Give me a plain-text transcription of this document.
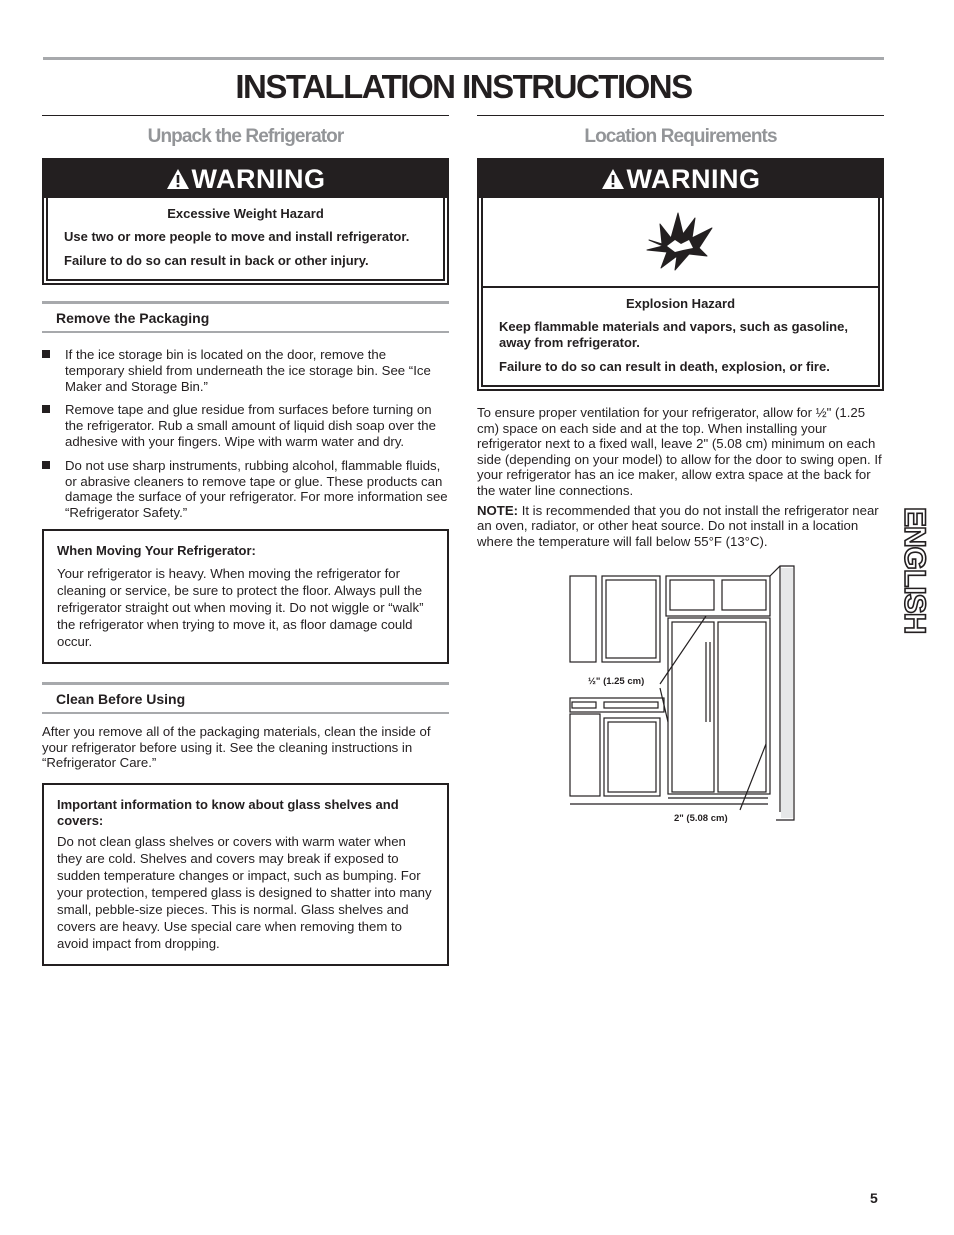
INSTALLATION INSTRUCTIONS
Unpack the Refrigerator
WARNING
Excessive Weight Hazard

Use two or more people to move and install refrigerator.

Failure to do so can result in back or other injury.

Remove the Packaging
If the ice storage bin is located on the door, remove the temporary shield from underneath the ice storage bin. See “Ice Maker and Storage Bin.”
Remove tape and glue residue from surfaces before turning on the refrigerator. Rub a small amount of liquid dish soap over the adhesive with your fingers. Wipe with warm water and dry.
Do not use sharp instruments, rubbing alcohol, flammable fluids, or abrasive cleaners to remove tape or glue. These products can damage the surface of your refrigerator. For more information see “Refrigerator Safety.”
When Moving Your Refrigerator:
Your refrigerator is heavy. When moving the refrigerator for cleaning or service, be sure to protect the floor. Always pull the refrigerator straight out when moving it. Do not wiggle or “walk” the refrigerator when trying to move it, as floor damage could occur.
Clean Before Using

After you remove all of the packaging materials, clean the inside of your refrigerator before using it. See the cleaning instructions in “Refrigerator Care.”

Important information to know about glass shelves and covers:
Do not clean glass shelves or covers with warm water when they are cold. Shelves and covers may break if exposed to sudden temperature changes or impact, such as bumping. For your protection, tempered glass is designed to shatter into many small, pebble-size pieces. This is normal. Glass shelves and covers are heavy. Use special care when removing them to avoid impact from dropping.
Location Requirements
WARNING
Explosion Hazard

Keep flammable materials and vapors, such as gasoline, away from refrigerator.

Failure to do so can result in death, explosion, or fire.

To ensure proper ventilation for your refrigerator, allow for ½" (1.25 cm) space on each side and at the top. When installing your refrigerator next to a fixed wall, leave 2" (5.08 cm) minimum on each side (depending on your model) to allow for the door to swing open. If your refrigerator has an ice maker, allow extra space at the back for the water line connections.

NOTE: It is recommended that you do not install the refrigerator near an oven, radiator, or other heat source. Do not install in a location where the temperature will fall below 55°F (13°C).

½" (1.25 cm)
2" (5.08 cm)
ENGLISH
5
